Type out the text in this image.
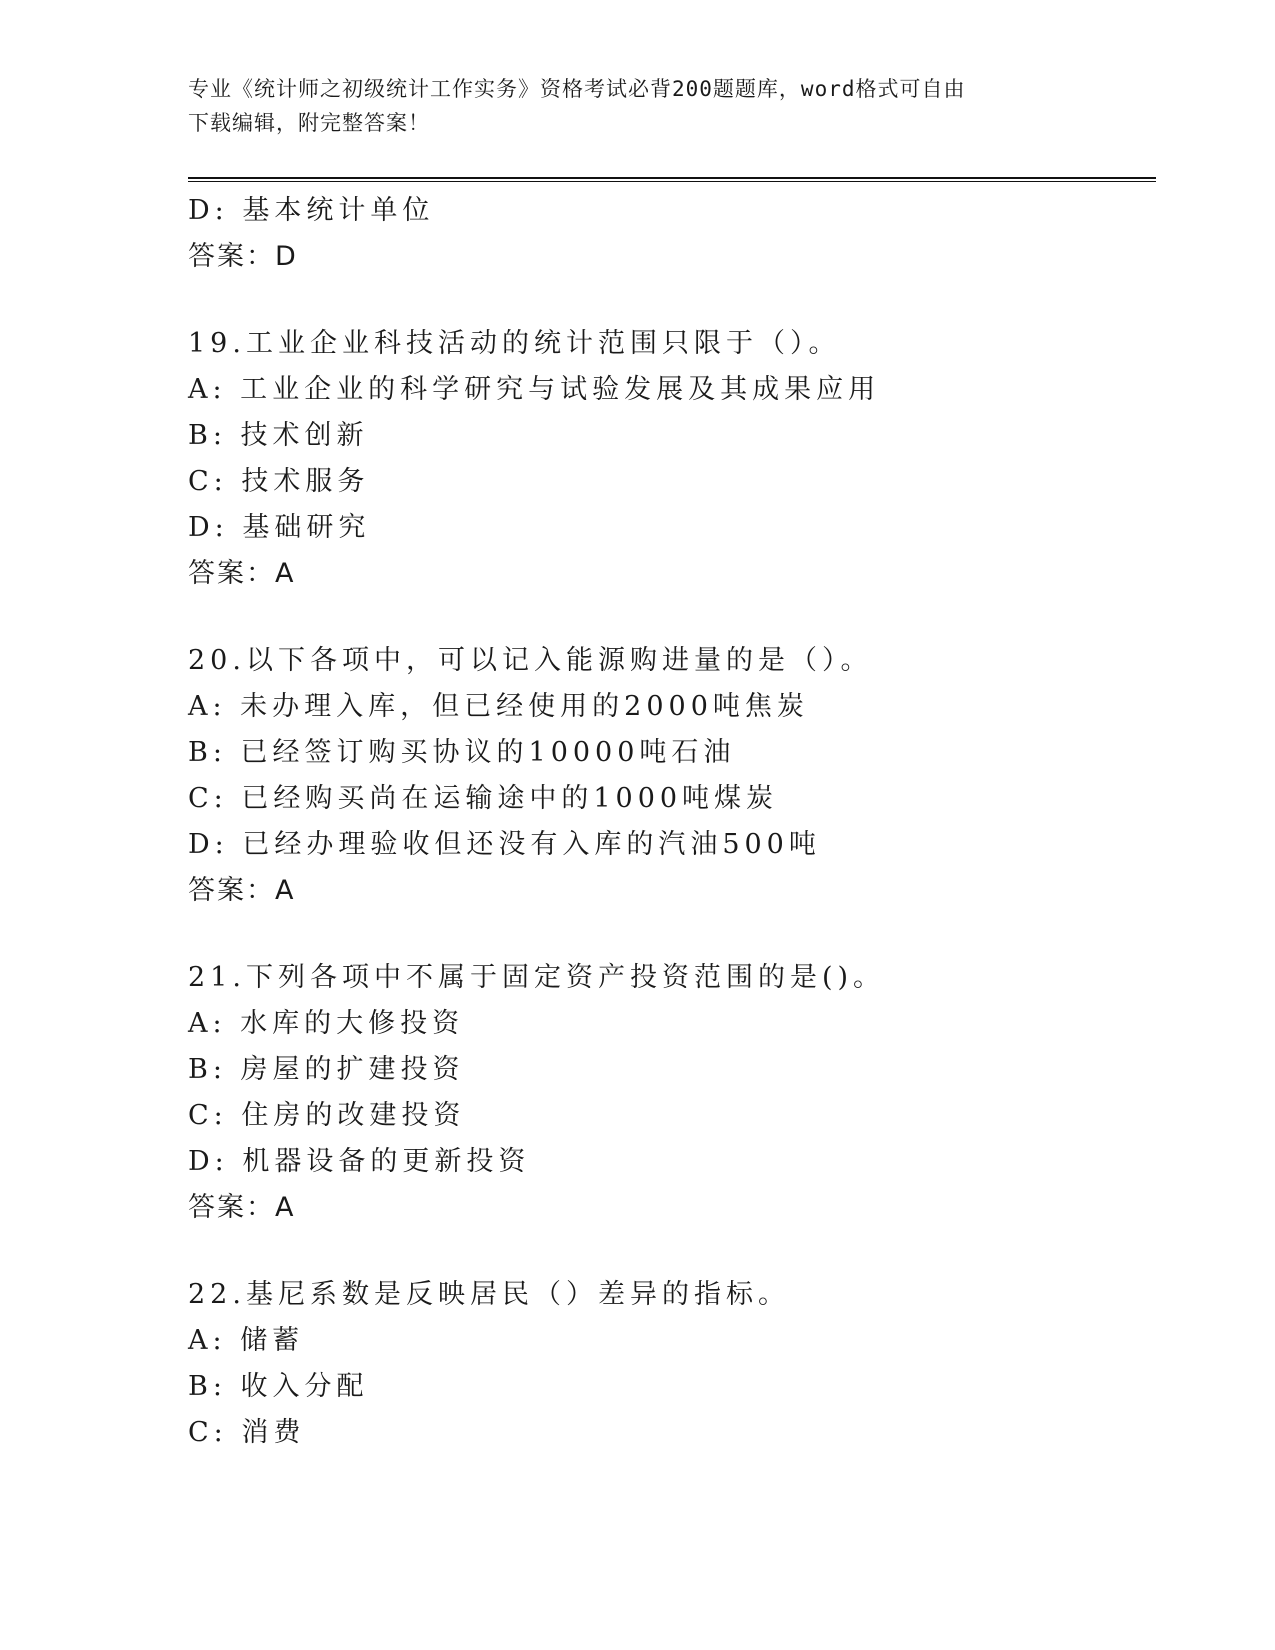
专业《统计师之初级统计工作实务》资格考试必背200题题库，word格式可自由
下载编辑，附完整答案！
D: 基本统计单位
答案：D
19.工业企业科技活动的统计范围只限于（）。
A: 工业企业的科学研究与试验发展及其成果应用
B: 技术创新
C: 技术服务
D: 基础研究
答案：A
20.以下各项中，可以记入能源购进量的是（）。
A: 未办理入库，但已经使用的2000吨焦炭
B: 已经签订购买协议的10000吨石油
C: 已经购买尚在运输途中的1000吨煤炭
D: 已经办理验收但还没有入库的汽油500吨
答案：A
21.下列各项中不属于固定资产投资范围的是()。
A: 水库的大修投资
B: 房屋的扩建投资
C: 住房的改建投资
D: 机器设备的更新投资
答案：A
22.基尼系数是反映居民（）差异的指标。
A: 储蓄
B: 收入分配
C: 消费
